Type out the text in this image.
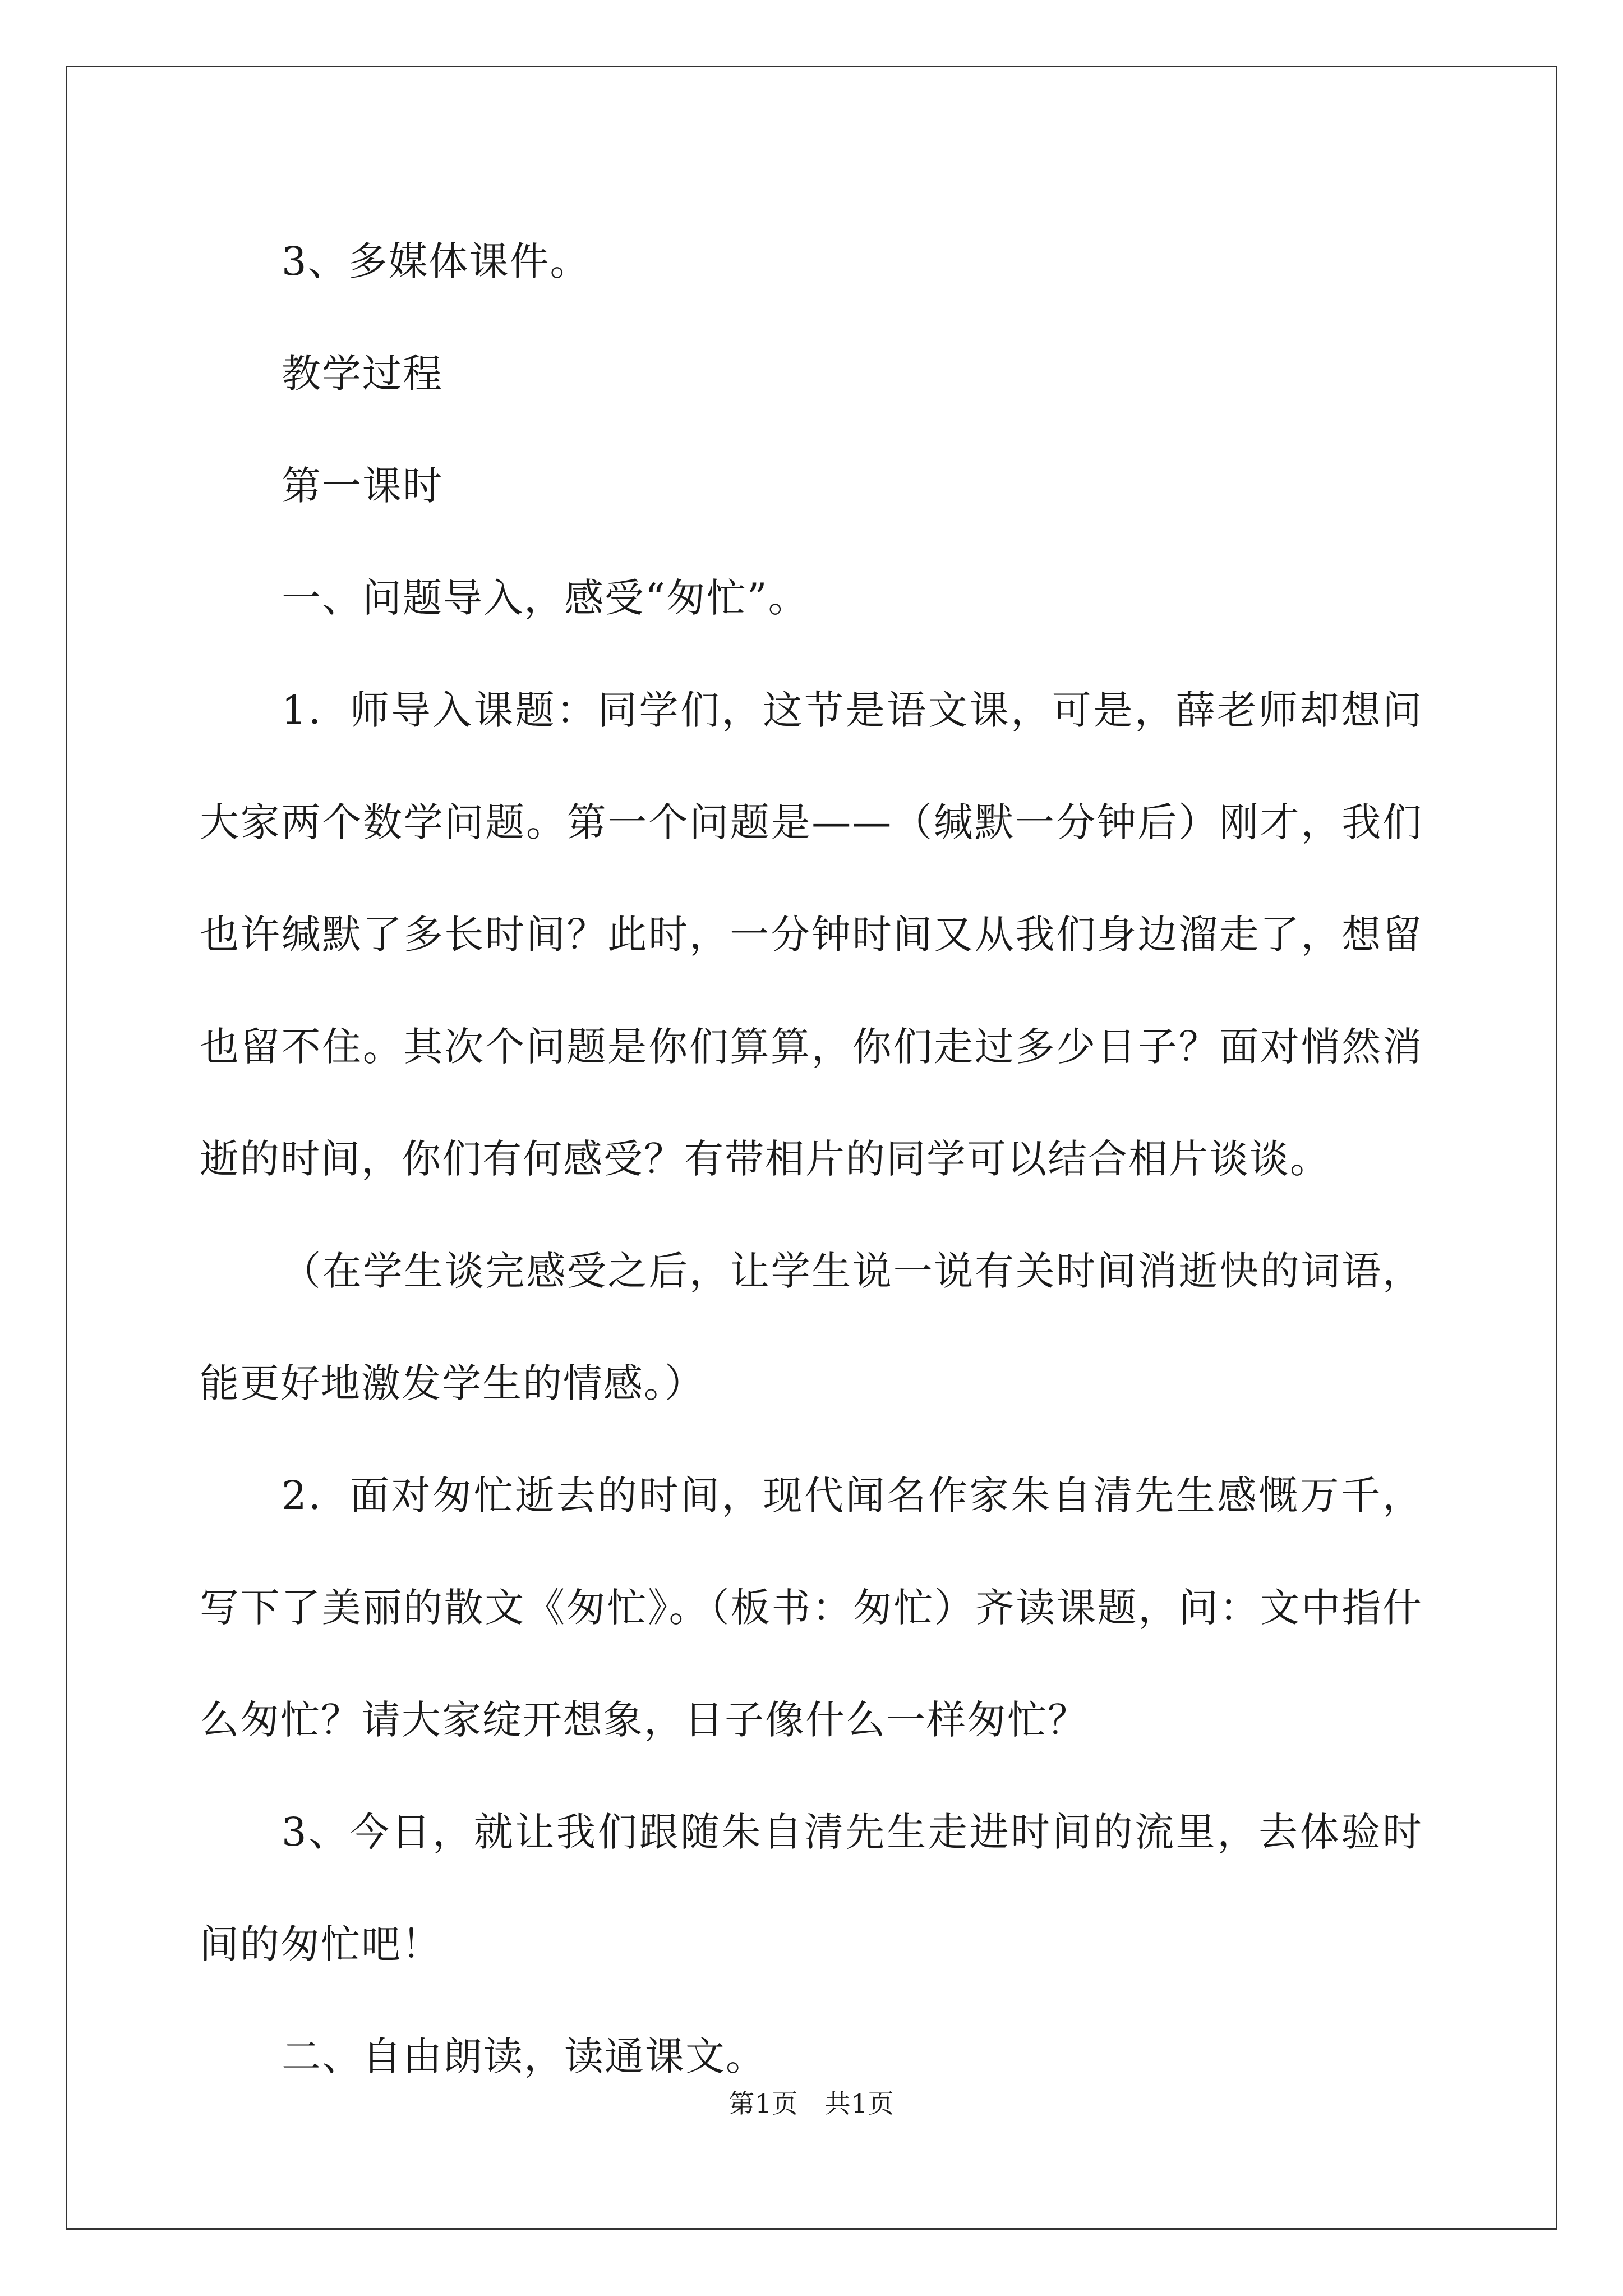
3、多媒体课件。

教学过程

第一课时

一、问题导入，感受“匆忙”。

1．师导入课题：同学们，这节是语文课，可是，薛老师却想问大家两个数学问题。第一个问题是——（缄默一分钟后）刚才，我们也许缄默了多长时间？此时，一分钟时间又从我们身边溜走了，想留也留不住。其次个问题是你们算算，你们走过多少日子？面对悄然消逝的时间，你们有何感受？有带相片的同学可以结合相片谈谈。

（在学生谈完感受之后，让学生说一说有关时间消逝快的词语，能更好地激发学生的情感。）

2．面对匆忙逝去的时间，现代闻名作家朱自清先生感慨万千，写下了美丽的散文《匆忙》。（板书：匆忙）齐读课题，问：文中指什么匆忙？请大家绽开想象，日子像什么一样匆忙？

3、今日，就让我们跟随朱自清先生走进时间的流里，去体验时间的匆忙吧！

二、自由朗读，读通课文。

第1页　共1页
